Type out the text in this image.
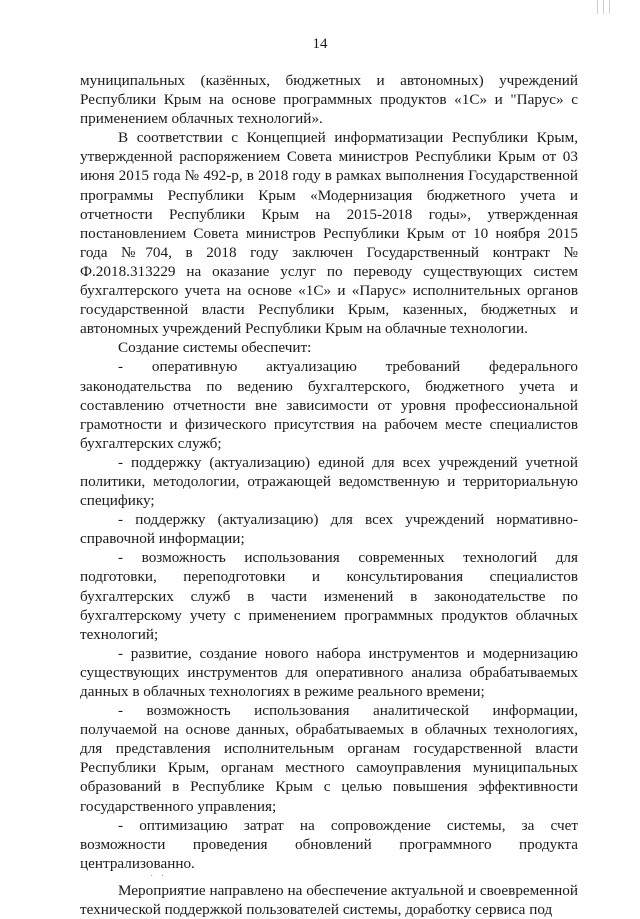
14

муниципальных (казённых, бюджетных и автономных) учреждений Республики Крым на основе программных продуктов «1С» и "Парус» с применением облачных технологий».

В соответствии с Концепцией информатизации Республики Крым, утвержденной распоряжением Совета министров Республики Крым от 03 июня 2015 года № 492-р, в 2018 году в рамках выполнения Государственной программы Республики Крым «Модернизация бюджетного учета и отчетности Республики Крым на 2015-2018 годы», утвержденная постановлением Совета министров Республики Крым от 10 ноября 2015 года №704, в 2018 году заключен Государственный контракт № Ф.2018.313229 на оказание услуг по переводу существующих систем бухгалтерского учета на основе «1С» и «Парус» исполнительных органов государственной власти Республики Крым, казенных, бюджетных и автономных учреждений Республики Крым на облачные технологии.

Создание системы обеспечит:

- оперативную актуализацию требований федерального законодательства по ведению бухгалтерского, бюджетного учета и составлению отчетности вне зависимости от уровня профессиональной грамотности и физического присутствия на рабочем месте специалистов бухгалтерских служб;

- поддержку (актуализацию) единой для всех учреждений учетной политики, методологии, отражающей ведомственную и территориальную специфику;

- поддержку (актуализацию) для всех учреждений нормативно-справочной информации;

- возможность использования современных технологий для подготовки, переподготовки и консультирования специалистов бухгалтерских служб в части изменений в законодательстве по бухгалтерскому учету с применением программных продуктов облачных технологий;

- развитие, создание нового набора инструментов и модернизацию существующих инструментов для оперативного анализа обрабатываемых данных в облачных технологиях в режиме реального времени;

- возможность использования аналитической информации, получаемой на основе данных, обрабатываемых в облачных технологиях, для представления исполнительным органам государственной власти Республики Крым, органам местного самоуправления муниципальных образований в Республике Крым с целью повышения эффективности государственного управления;

- оптимизацию затрат на сопровождение системы, за счет возможности проведения обновлений программного продукта централизованно.

Мероприятие направлено на обеспечение актуальной и своевременной технической поддержкой пользователей системы, доработку сервиса под

·   ·
